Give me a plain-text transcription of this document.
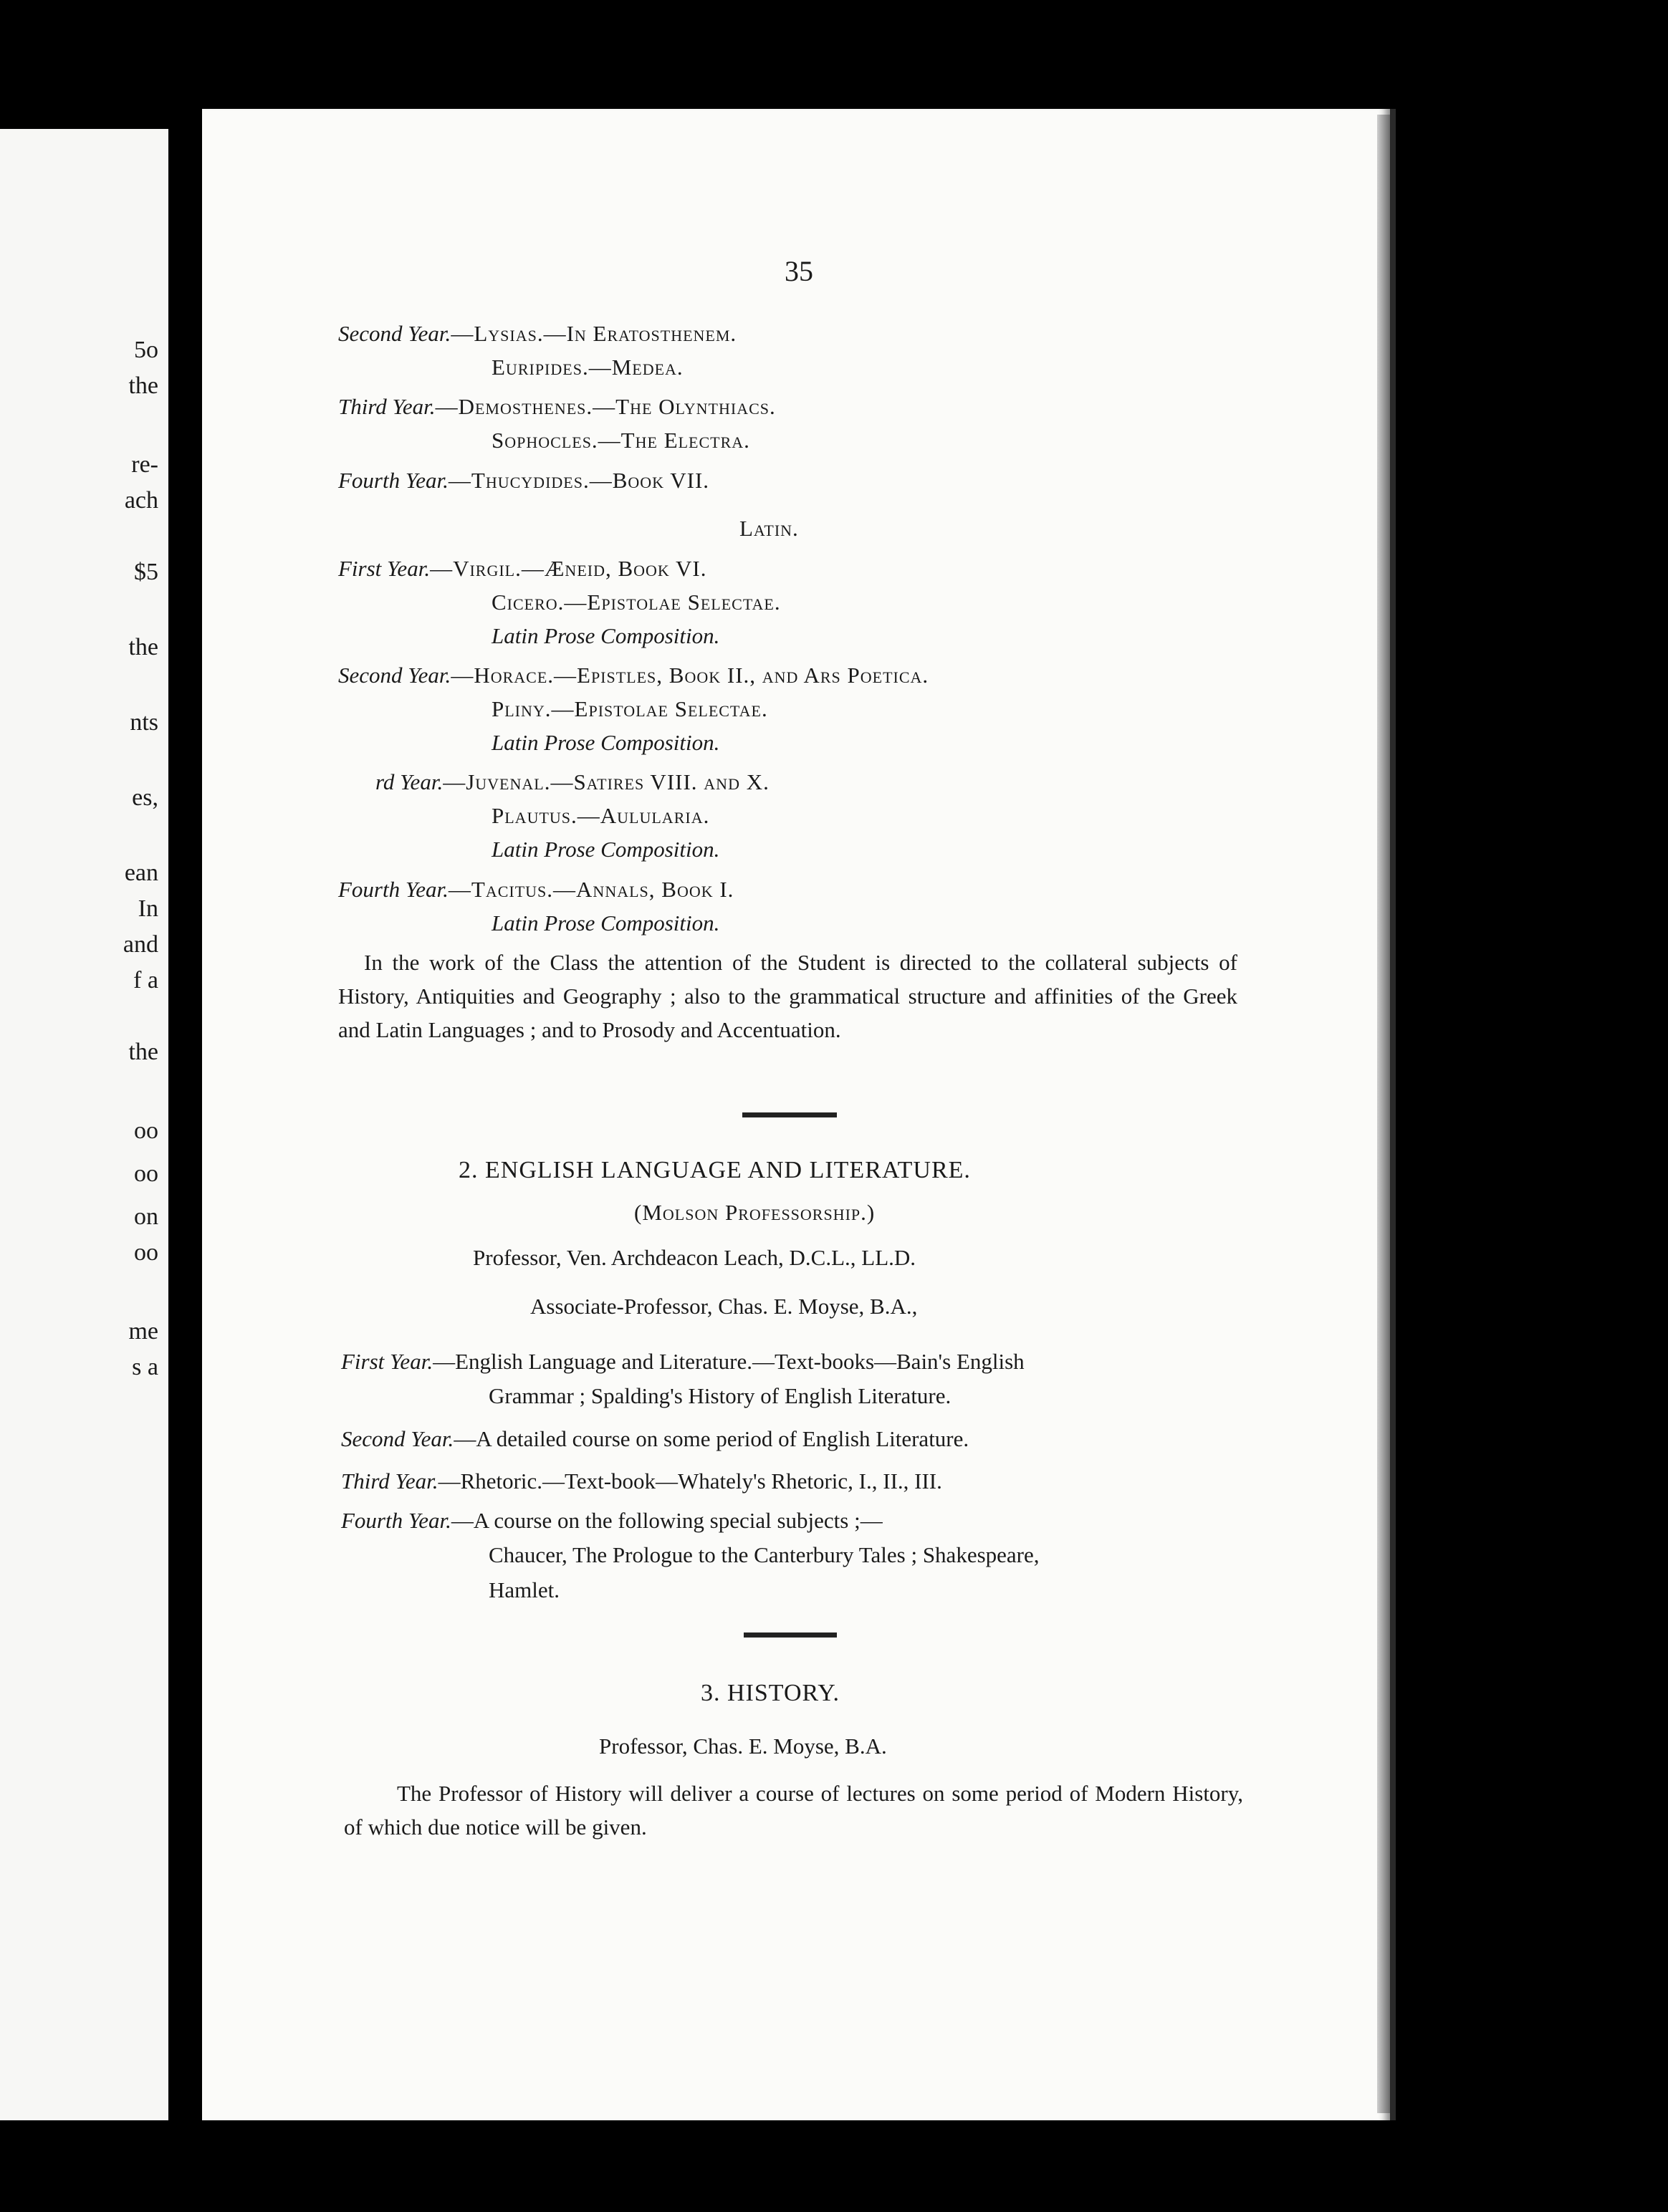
5o
the
re-
ach
$5
the
nts
es,
ean
In
and
f a
the
oo
oo
on
oo
me
s a
35
Second Year.—Lysias.—In Eratosthenem.
Euripides.—Medea.
Third Year.—Demosthenes.—The Olynthiacs.
Sophocles.—The Electra.
Fourth Year.—Thucydides.—Book VII.
Latin.
First Year.—Virgil.—Æneid, Book VI.
Cicero.—Epistolae Selectae.
Latin Prose Composition.
Second Year.—Horace.—Epistles, Book II., and Ars Poetica.
Pliny.—Epistolae Selectae.
Latin Prose Composition.
rd Year.—Juvenal.—Satires VIII. and X.
Plautus.—Aulularia.
Latin Prose Composition.
Fourth Year.—Tacitus.—Annals, Book I.
Latin Prose Composition.
In the work of the Class the attention of the Student is directed to the collateral subjects of History, Antiquities and Geography ; also to the grammatical structure and affinities of the Greek and Latin Languages ; and to Prosody and Accentuation.
2. ENGLISH LANGUAGE AND LITERATURE.
(Molson Professorship.)
Professor, Ven. Archdeacon Leach, D.C.L., LL.D.
Associate-Professor, Chas. E. Moyse, B.A.,
First Year.—English Language and Literature.—Text-books—Bain's English
Grammar ; Spalding's History of English Literature.
Second Year.—A detailed course on some period of English Literature.
Third Year.—Rhetoric.—Text-book—Whately's Rhetoric, I., II., III.
Fourth Year.—A course on the following special subjects ;—
Chaucer, The Prologue to the Canterbury Tales ; Shakespeare,
Hamlet.
3. HISTORY.
Professor, Chas. E. Moyse, B.A.
The Professor of History will deliver a course of lectures on some period of Modern History, of which due notice will be given.
